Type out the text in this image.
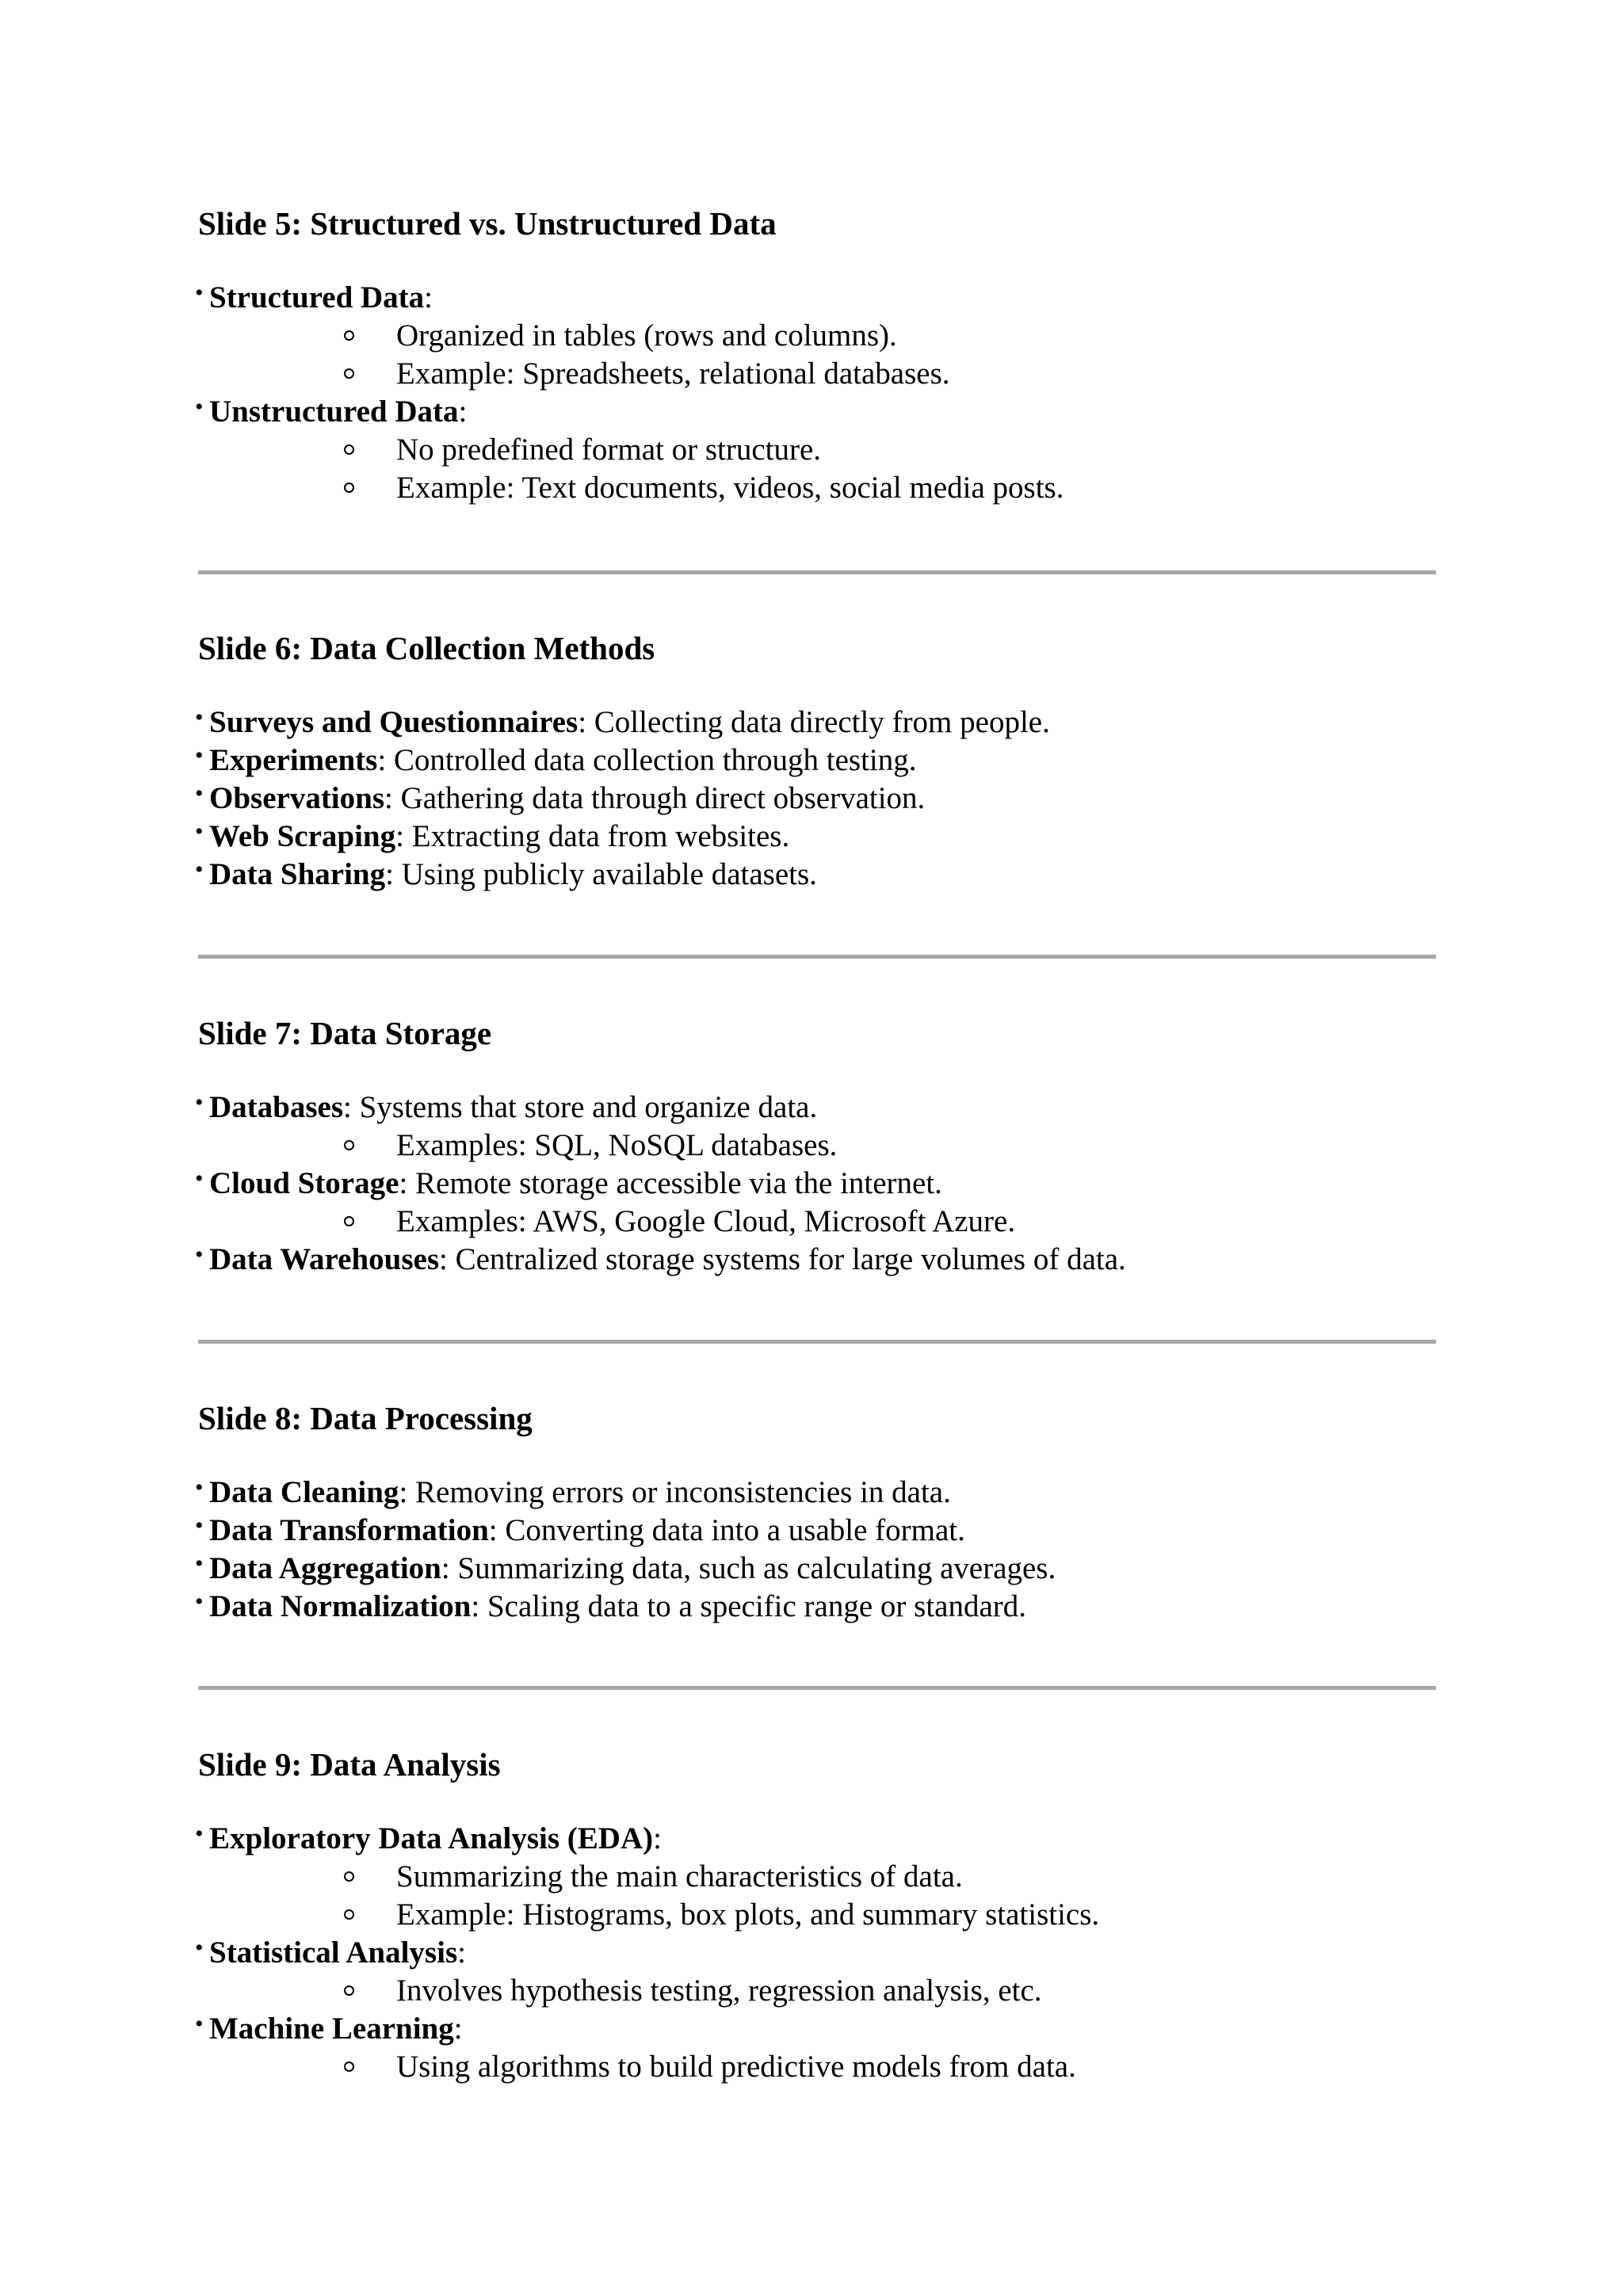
Slide 5: Structured vs. Unstructured Data
• Structured Data:
Organized in tables (rows and columns).
Example: Spreadsheets, relational databases.
• Unstructured Data:
No predefined format or structure.
Example: Text documents, videos, social media posts.
Slide 6: Data Collection Methods
• Surveys and Questionnaires: Collecting data directly from people.
• Experiments: Controlled data collection through testing.
• Observations: Gathering data through direct observation.
• Web Scraping: Extracting data from websites.
• Data Sharing: Using publicly available datasets.
Slide 7: Data Storage
• Databases: Systems that store and organize data.
Examples: SQL, NoSQL databases.
• Cloud Storage: Remote storage accessible via the internet.
Examples: AWS, Google Cloud, Microsoft Azure.
• Data Warehouses: Centralized storage systems for large volumes of data.
Slide 8: Data Processing
• Data Cleaning: Removing errors or inconsistencies in data.
• Data Transformation: Converting data into a usable format.
• Data Aggregation: Summarizing data, such as calculating averages.
• Data Normalization: Scaling data to a specific range or standard.
Slide 9: Data Analysis
• Exploratory Data Analysis (EDA):
Summarizing the main characteristics of data.
Example: Histograms, box plots, and summary statistics.
• Statistical Analysis:
Involves hypothesis testing, regression analysis, etc.
• Machine Learning:
Using algorithms to build predictive models from data.
